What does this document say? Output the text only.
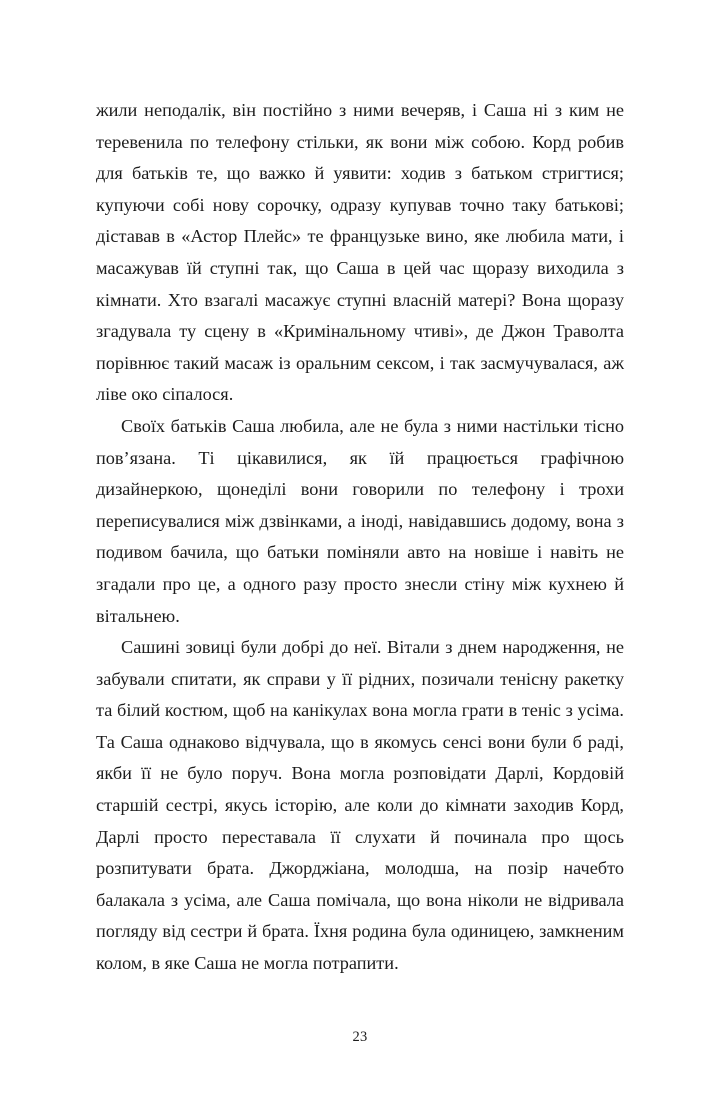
жили неподалік, він постійно з ними вечеряв, і Саша ні з ким не теревенила по телефону стільки, як вони між собою. Корд робив для батьків те, що важко й уявити: ходив з батьком стригтися; купуючи собі нову сорочку, одразу купував точно таку батькові; діставав в «Астор Плейс» те французьке вино, яке любила мати, і масажував їй ступні так, що Саша в цей час щоразу виходила з кімнати. Хто взагалі масажує ступні власній матері? Вона щоразу згадувала ту сцену в «Кримінальному чтиві», де Джон Траволта порівнює такий масаж із оральним сексом, і так засмучувалася, аж ліве око сіпалося.

Своїх батьків Саша любила, але не була з ними настільки тісно пов’язана. Ті цікавилися, як їй працюється графічною дизайнеркою, щонеділі вони говорили по телефону і трохи переписувалися між дзвінками, а іноді, навідавшись додому, вона з подивом бачила, що батьки поміняли авто на новіше і навіть не згадали про це, а одного разу просто знесли стіну між кухнею й вітальнею.

Сашині зовиці були добрі до неї. Вітали з днем народження, не забували спитати, як справи у її рідних, позичали тенісну ракетку та білий костюм, щоб на канікулах вона могла грати в теніс з усіма. Та Саша однаково відчувала, що в якомусь сенсі вони були б раді, якби її не було поруч. Вона могла розповідати Дарлі, Кордовій старшій сестрі, якусь історію, але коли до кімнати заходив Корд, Дарлі просто переставала її слухати й починала про щось розпитувати брата. Джорджіана, молодша, на позір начебто балакала з усіма, але Саша помічала, що вона ніколи не відривала погляду від сестри й брата. Їхня родина була одиницею, замкненим колом, в яке Саша не могла потрапити.

23
